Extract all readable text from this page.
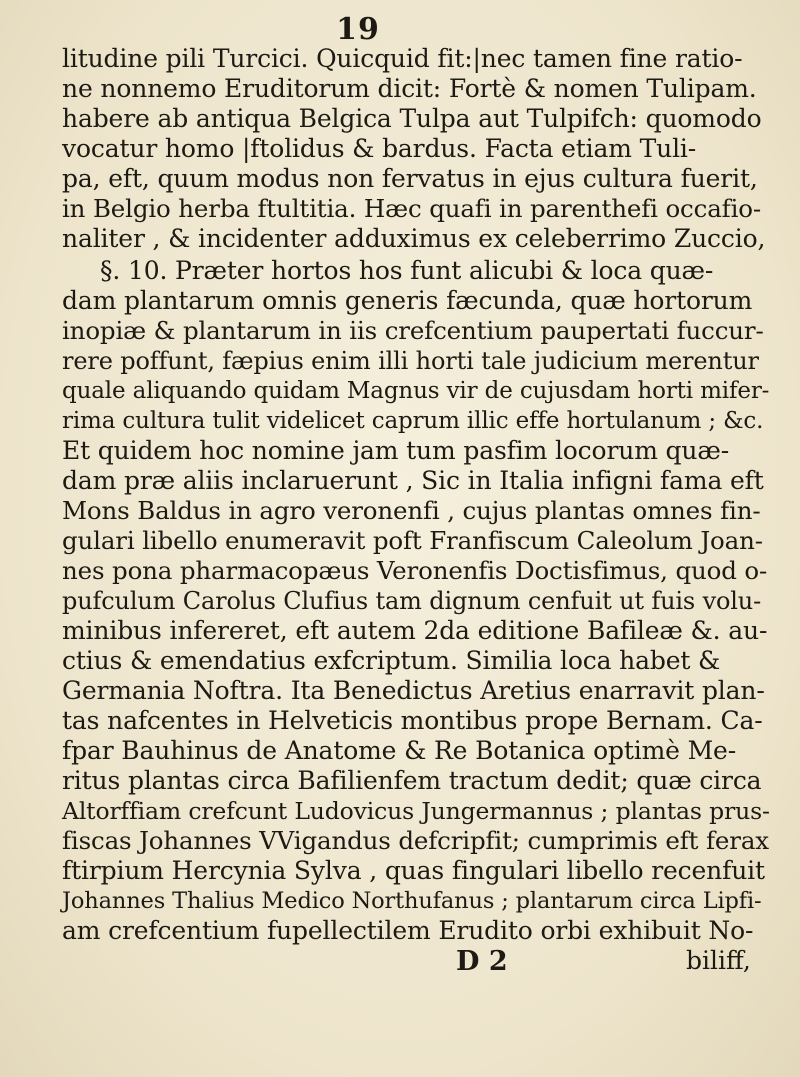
19
litudine pili Turcici. Quicquid fit:|nec tamen fine ratio-
ne nonnemo Eruditorum dicit: Fortè & nomen Tulipam.
habere ab antiqua Belgica Tulpa aut Tulpifch: quomodo
vocatur homo |ftolidus & bardus. Facta etiam Tuli-
pa, eft, quum modus non fervatus in ejus cultura fuerit,
in Belgio herba ftultitia. Hæc quafi in parenthefi occafio-
naliter , & incidenter adduximus ex celeberrimo Zuccio,
§. 10. Præter hortos hos funt alicubi & loca quæ-
dam plantarum omnis generis fæcunda, quæ hortorum
inopiæ & plantarum in iis crefcentium paupertati fuccur-
rere poffunt, fæpius enim illi horti tale judicium merentur
quale aliquando quidam Magnus vir de cujusdam horti mifer-
rima cultura tulit videlicet caprum illic effe hortulanum ; &c.
Et quidem hoc nomine jam tum pasfim locorum quæ-
dam præ aliis inclaruerunt , Sic in Italia infigni fama eft
Mons Baldus in agro veronenfi , cujus plantas omnes fin-
gulari libello enumeravit poft Franfiscum Caleolum Joan-
nes pona pharmacopæus Veronenfis Doctisfimus, quod o-
pufculum Carolus Clufius tam dignum cenfuit ut fuis volu-
minibus infereret, eft autem 2da editione Bafileæ &. au-
ctius & emendatius exfcriptum. Similia loca habet &
Germania Noftra. Ita Benedictus Aretius enarravit plan-
tas nafcentes in Helveticis montibus prope Bernam. Ca-
fpar Bauhinus de Anatome & Re Botanica optimè Me-
ritus plantas circa Bafilienfem tractum dedit; quæ circa
Altorffiam crefcunt Ludovicus Jungermannus ; plantas prus-
fiscas Johannes VVigandus defcripfit; cumprimis eft ferax
ftirpium Hercynia Sylva , quas fingulari libello recenfuit
Johannes Thalius Medico Northufanus ; plantarum circa Lipfi-
am crefcentium fupellectilem Erudito orbi exhibuit No-
D 2	biliff,
